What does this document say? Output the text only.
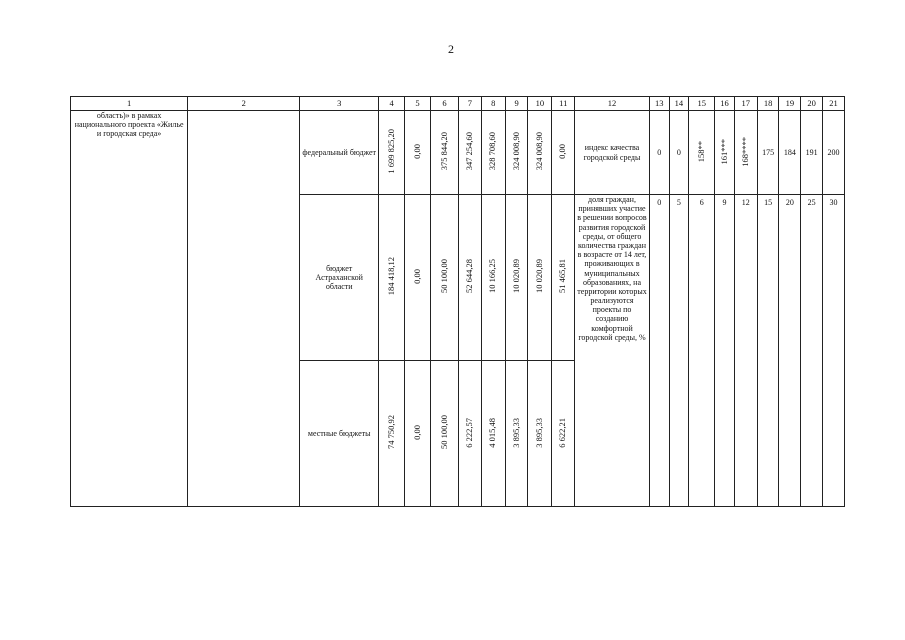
2
1	2	3	4	5	6	7	8	9	10	11	12	13	14	15	16	17	18	19	20	21
область)» в рамках национального проекта «Жилье и городская среда»		федеральный бюджет	1 699 825,20	0,00	375 844,20	347 254,60	328 708,60	324 008,90	324 008,90	0,00	индекс качества городской среды	0	0	158**	161***	168****	175	184	191	200
		бюджет Астраханской области	184 418,12	0,00	50 100,00	52 644,28	10 166,25	10 020,89	10 020,89	51 465,81	доля граждан, принявших участие в решении вопросов развития городской среды, от общего количества граждан в возрасте от 14 лет, проживающих в муниципальных образованиях, на территории которых реализуются проекты по созданию комфортной городской среды, %	0	5	6	9	12	15	20	25	30
		местные бюджеты	74 750,92	0,00	50 100,00	6 222,57	4 015,48	3 895,33	3 895,33	6 622,21										
